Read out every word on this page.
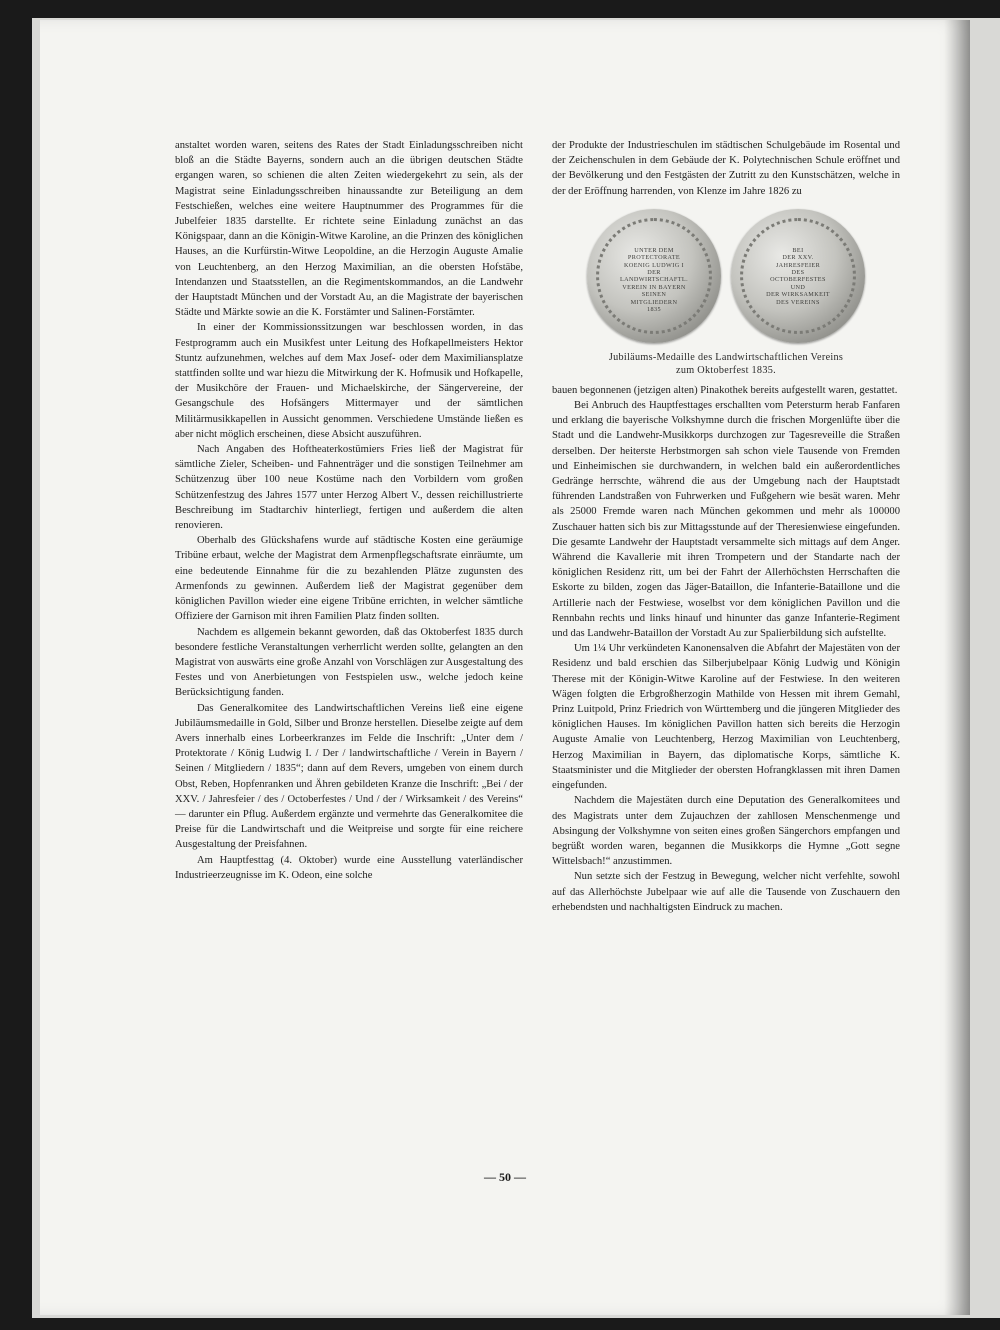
anstaltet worden waren, seitens des Rates der Stadt Einladungsschreiben nicht bloß an die Städte Bayerns, sondern auch an die übrigen deutschen Städte ergangen waren, so schienen die alten Zeiten wiedergekehrt zu sein, als der Magistrat seine Einladungsschreiben hinaussandte zur Beteiligung an dem Festschießen, welches eine weitere Hauptnummer des Programmes für die Jubelfeier 1835 darstellte. Er richtete seine Einladung zunächst an das Königspaar, dann an die Königin-Witwe Karoline, an die Prinzen des königlichen Hauses, an die Kurfürstin-Witwe Leopoldine, an die Herzogin Auguste Amalie von Leuchtenberg, an den Herzog Maximilian, an die obersten Hofstäbe, Intendanzen und Staatsstellen, an die Regimentskommandos, an die Landwehr der Hauptstadt München und der Vorstadt Au, an die Magistrate der bayerischen Städte und Märkte sowie an die K. Forstämter und Salinen-Forstämter.

In einer der Kommissionssitzungen war beschlossen worden, in das Festprogramm auch ein Musikfest unter Leitung des Hofkapellmeisters Hektor Stuntz aufzunehmen, welches auf dem Max Josef- oder dem Maximiliansplatze stattfinden sollte und war hiezu die Mitwirkung der K. Hofmusik und Hofkapelle, der Musikchöre der Frauen- und Michaelskirche, der Sängervereine, der Gesangschule des Hofsängers Mittermayer und der sämtlichen Militärmusikkapellen in Aussicht genommen. Verschiedene Umstände ließen es aber nicht möglich erscheinen, diese Absicht auszuführen.

Nach Angaben des Hoftheaterkostümiers Fries ließ der Magistrat für sämtliche Zieler, Scheiben- und Fahnenträger und die sonstigen Teilnehmer am Schützenzug über 100 neue Kostüme nach den Vorbildern vom großen Schützenfestzug des Jahres 1577 unter Herzog Albert V., dessen reichillustrierte Beschreibung im Stadtarchiv hinterliegt, fertigen und außerdem die alten renovieren.

Oberhalb des Glückshafens wurde auf städtische Kosten eine geräumige Tribüne erbaut, welche der Magistrat dem Armenpflegschaftsrate einräumte, um eine bedeutende Einnahme für die zu bezahlenden Plätze zugunsten des Armenfonds zu gewinnen. Außerdem ließ der Magistrat gegenüber dem königlichen Pavillon wieder eine eigene Tribüne errichten, in welcher sämtliche Offiziere der Garnison mit ihren Familien Platz finden sollten.

Nachdem es allgemein bekannt geworden, daß das Oktoberfest 1835 durch besondere festliche Veranstaltungen verherrlicht werden sollte, gelangten an den Magistrat von auswärts eine große Anzahl von Vorschlägen zur Ausgestaltung des Festes und von Anerbietungen von Festspielen usw., welche jedoch keine Berücksichtigung fanden.

Das Generalkomitee des Landwirtschaftlichen Vereins ließ eine eigene Jubiläumsmedaille in Gold, Silber und Bronze herstellen. Dieselbe zeigte auf dem Avers innerhalb eines Lorbeerkranzes im Felde die Inschrift: „Unter dem / Protektorate / König Ludwig I. / Der / landwirtschaftliche / Verein in Bayern / Seinen / Mitgliedern / 1835“; dann auf dem Revers, umgeben von einem durch Obst, Reben, Hopfenranken und Ähren gebildeten Kranze die Inschrift: „Bei / der XXV. / Jahresfeier / des / Octoberfestes / Und / der / Wirksamkeit / des Vereins“ — darunter ein Pflug. Außerdem ergänzte und vermehrte das Generalkomitee die Preise für die Landwirtschaft und die Weitpreise und sorgte für eine reichere Ausgestaltung der Preisfahnen.

Am Hauptfesttag (4. Oktober) wurde eine Ausstellung vaterländischer Industrieerzeugnisse im K. Odeon, eine solche

der Produkte der Industrieschulen im städtischen Schulgebäude im Rosental und der Zeichenschulen in dem Gebäude der K. Polytechnischen Schule eröffnet und der Bevölkerung und den Festgästen der Zutritt zu den Kunstschätzen, welche in der der Eröffnung harrenden, von Klenze im Jahre 1826 zu

UNTER DEM
PROTECTORATE
KOENIG LUDWIG I
DER
LANDWIRTSCHAFTL.
VEREIN IN BAYERN
SEINEN
MITGLIEDERN
1835
BEI
DER XXV.
JAHRESFEIER
DES
OCTOBERFESTES
UND
DER WIRKSAMKEIT
DES VEREINS
Jubiläums-Medaille des Landwirtschaftlichen Vereins
zum Oktoberfest 1835.

bauen begonnenen (jetzigen alten) Pinakothek bereits aufgestellt waren, gestattet.

Bei Anbruch des Hauptfesttages erschallten vom Petersturm herab Fanfaren und erklang die bayerische Volkshymne durch die frischen Morgenlüfte über die Stadt und die Landwehr-Musikkorps durchzogen zur Tagesreveille die Straßen derselben. Der heiterste Herbstmorgen sah schon viele Tausende von Fremden und Einheimischen sie durchwandern, in welchen bald ein außerordentliches Gedränge herrschte, während die aus der Umgebung nach der Hauptstadt führenden Landstraßen von Fuhrwerken und Fußgehern wie besät waren. Mehr als 25000 Fremde waren nach München gekommen und mehr als 100000 Zuschauer hatten sich bis zur Mittagsstunde auf der Theresienwiese eingefunden. Die gesamte Landwehr der Hauptstadt versammelte sich mittags auf dem Anger. Während die Kavallerie mit ihren Trompetern und der Standarte nach der königlichen Residenz ritt, um bei der Fahrt der Allerhöchsten Herrschaften die Eskorte zu bilden, zogen das Jäger-Bataillon, die Infanterie-Bataillone und die Artillerie nach der Festwiese, woselbst vor dem königlichen Pavillon und die Rennbahn rechts und links hinauf und hinunter das ganze Infanterie-Regiment und das Landwehr-Bataillon der Vorstadt Au zur Spalierbildung sich aufstellte.

Um 1¼ Uhr verkündeten Kanonensalven die Abfahrt der Majestäten von der Residenz und bald erschien das Silberjubelpaar König Ludwig und Königin Therese mit der Königin-Witwe Karoline auf der Festwiese. In den weiteren Wägen folgten die Erbgroßherzogin Mathilde von Hessen mit ihrem Gemahl, Prinz Luitpold, Prinz Friedrich von Württemberg und die jüngeren Mitglieder des königlichen Hauses. Im königlichen Pavillon hatten sich bereits die Herzogin Auguste Amalie von Leuchtenberg, Herzog Maximilian von Leuchtenberg, Herzog Maximilian in Bayern, das diplomatische Korps, sämtliche K. Staatsminister und die Mitglieder der obersten Hofrangklassen mit ihren Damen eingefunden.

Nachdem die Majestäten durch eine Deputation des Generalkomitees und des Magistrats unter dem Zujauchzen der zahllosen Menschenmenge und Absingung der Volkshymne von seiten eines großen Sängerchors empfangen und begrüßt worden waren, begannen die Musikkorps die Hymne „Gott segne Wittelsbach!“ anzustimmen.

Nun setzte sich der Festzug in Bewegung, welcher nicht verfehlte, sowohl auf das Allerhöchste Jubelpaar wie auf alle die Tausende von Zuschauern den erhebendsten und nachhaltigsten Eindruck zu machen.

— 50 —
